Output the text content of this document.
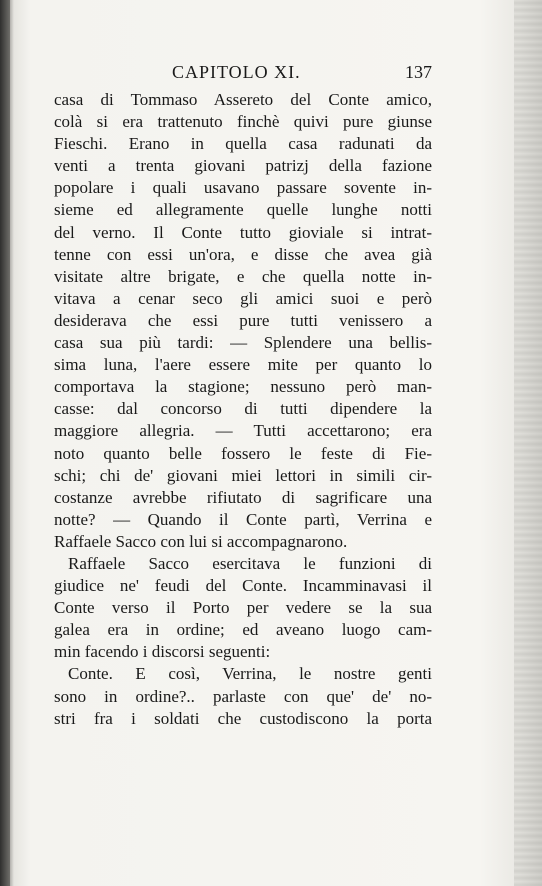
CAPITOLO XI.	137
casa di Tommaso Assereto del Conte amico,
colà si era trattenuto finchè quivi pure giunse
Fieschi. Erano in quella casa radunati da
venti a trenta giovani patrizj della fazione
popolare i quali usavano passare sovente in-
sieme ed allegramente quelle lunghe notti
del verno. Il Conte tutto gioviale si intrat-
tenne con essi un'ora, e disse che avea già
visitate altre brigate, e che quella notte in-
vitava a cenar seco gli amici suoi e però
desiderava che essi pure tutti venissero a
casa sua più tardi: — Splendere una bellis-
sima luna, l'aere essere mite per quanto lo
comportava la stagione; nessuno però man-
casse: dal concorso di tutti dipendere la
maggiore allegria. — Tutti accettarono; era
noto quanto belle fossero le feste di Fie-
schi; chi de' giovani miei lettori in simili cir-
costanze avrebbe rifiutato di sagrificare una
notte? — Quando il Conte partì, Verrina e
Raffaele Sacco con lui si accompagnarono.
Raffaele Sacco esercitava le funzioni di
giudice ne' feudi del Conte. Incamminavasi il
Conte verso il Porto per vedere se la sua
galea era in ordine; ed aveano luogo cam-
min facendo i discorsi seguenti:
Conte. E così, Verrina, le nostre genti
sono in ordine?.. parlaste con que' de' no-
stri fra i soldati che custodiscono la porta
